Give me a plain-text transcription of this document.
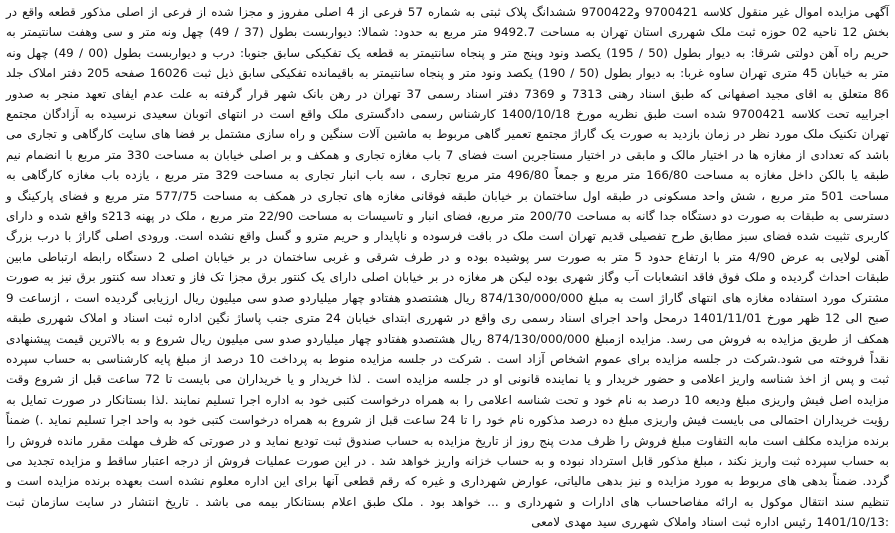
آگهی مزایده اموال غیر منقول کلاسه 9700421 و9700422 ششدانگ پلاک ثبتی به شماره 57 فرعی از 4 اصلی مفروز و مجزا شده از فرعی از اصلی مذکور قطعه واقع در بخش 12 ناحیه 02 حوزه ثبت ملک شهرری استان تهران به مساحت 9492.7 متر مربع به حدود: شمالا: دیواربست بطول (37 / 49) چهل ونه متر و سی وهفت سانتیمتر به حریم راه آهن دولتی شرقا: به دیوار بطول (50 / 195) یکصد ونود وپنج متر و پنجاه سانتیمتر به قطعه یک تفکیکی سابق جنوبا: درب و دیواربست بطول (00 / 49) چهل ونه متر به خیابان 45 متری تهران ساوه غربا: به دیوار بطول (50 / 190) یکصد ونود متر و پنجاه سانتیمتر به باقیمانده تفکیکی سابق ذیل ثبت 16026 صفحه 205 دفتر املاک جلد 86 متعلق به اقای مجید اصفهانی که طبق اسناد رهنی 7313 و 7369 دفتر اسناد رسمی 37 تهران در رهن بانک شهر قرار گرفته به علت عدم ایفای تعهد منجر به صدور اجراییه تحت کلاسه 9700421 شده است طبق نظریه مورخ 1400/10/18 کارشناس رسمی دادگستری ملک واقع است در انتهای اتوبان سعیدی نرسیده به آزادگان مجتمع تهران تکنیک ملک مورد نظر در زمان بازدید به صورت یک گاراژ مجتمع تعمیر گاهی مربوط به ماشین آلات سنگین و راه سازی مشتمل بر فضا های سایت کارگاهی و تجاری می باشد که تعدادی از مغازه ها در اختیار مالک و مابقی در اختیار مستاجرین است فضای 7 باب مغازه تجاری و همکف و بر اصلی خیابان به مساحت 330 متر مربع با انضمام نیم طبقه یا بالکن داخل مغازه به مساحت 166/80 متر مربع و جمعاً 496/80 متر مربع تجاری ، سه باب انبار تجاری به مساحت 329 متر مربع ، یازده باب مغازه کارگاهی به مساحت 501 متر مربع ، شش واحد مسکونی در طبقه اول ساختمان بر خیابان طبقه فوقانی مغازه های تجاری در همکف به مساحت 577/75 متر مربع و فضای پارکینگ و دسترسی به طبقات به صورت دو دستگاه جدا گانه به مساحت 200/70 متر مربع، فضای انبار و تاسیسات به مساحت 22/90 متر مربع ، ملک در پهنه s213 واقع شده و دارای کاربری تثبیت شده فضای سبز مطابق طرح تفصیلی قدیم تهران است ملک در بافت فرسوده و ناپایدار و حریم مترو و گسل واقع نشده است. ورودی اصلی گاراژ با درب بزرگ آهنی لولایی به عرض 4/90 متر با ارتفاع حدود 5 متر به صورت سر پوشیده بوده و در طرف شرقی و غربی ساختمان در بر خیابان اصلی 2 دستگاه رابطه ارتباطی مابین طبقات احداث گردیده و ملک فوق فاقد انشعابات آب وگاز شهری بوده لیکن هر مغازه در بر خیابان اصلی دارای یک کنتور برق مجزا تک فاز و تعداد سه کنتور برق نیز به صورت مشترک مورد استفاده مغازه های انتهای گاراژ است به مبلغ 874/130/000/000 ریال هشتصدو هفتادو چهار میلیاردو صدو سی میلیون ریال ارزیابی گردیده است ، ازساعت 9 صبح الی 12 ظهر مورخ 1401/11/01 درمحل واحد اجرای اسناد رسمی ری واقع در شهرری ابتدای خیابان 24 متری جنب پاساژ نگین اداره ثبت اسناد و املاک شهرری طبقه همکف از طریق مزایده به فروش می رسد. مزایده ازمبلغ 874/130/000/000 ریال هشتصدو هفتادو چهار میلیاردو صدو سی میلیون ریال شروع و به بالاترین قیمت پیشنهادی نقداً فروخته می شود.شرکت در جلسه مزایده برای عموم اشخاص آزاد است . شرکت در جلسه مزایده منوط به پرداخت 10 درصد از مبلغ پایه کارشناسی به حساب سپرده ثبت و پس از اخذ شناسه واریز اعلامی و حضور خریدار و یا نماینده قانونی او در جلسه مزایده است . لذا خریدار و یا خریداران می بایست تا 72 ساعت قبل از شروع وقت مزایده اصل فیش واریزی مبلغ ودیعه 10 درصد به نام خود و تحت شناسه اعلامی را به همراه درخواست کتبی خود به اداره اجرا تسلیم نمایند .لذا بستانکار در صورت تمایل به رؤیت خریداران احتمالی می بایست فیش واریزی مبلغ ده درصد مذکوره نام خود را تا 24 ساعت قبل از شروع به همراه درخواست کتبی خود به واحد اجرا تسلیم نماید .) ضمناً برنده مزایده مکلف است مابه التفاوت مبلغ فروش را ظرف مدت پنج روز از تاریخ مزایده به حساب صندوق ثبت تودیع نماید و در صورتی که ظرف مهلت مقرر مانده فروش را به حساب سپرده ثبت واریز نکند ، مبلغ مذکور قابل استرداد نبوده و به حساب خزانه واریز خواهد شد . در این صورت عملیات فروش از درجه اعتبار ساقط و مزایده تجدید می گردد. ضمناً بدهی های مربوط به مورد مزایده و نیز بدهی مالیاتی، عوارض شهرداری و غیره که رقم قطعی آنها برای این اداره معلوم نشده است بعهده برنده مزایده است و تنظیم سند انتقال موکول به ارائه مفاصاحساب های ادارات و شهرداری و ... خواهد بود . ملک طبق اعلام بستانکار بیمه می باشد . تاریخ انتشار در سایت سازمان ثبت :1401/10/13 رئیس اداره ثبت اسناد واملاک شهرری سید مهدی لامعی
